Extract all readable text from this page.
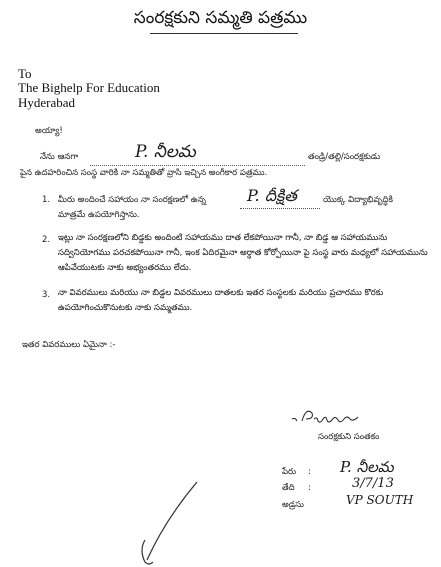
సంరక్షకుని సమ్మతి పత్రము
To
The Bighelp For Education
Hyderabad
అయ్యా!
నేను ఆనగా	P. నీలమ	తండ్రి/తల్లి/సంరక్షకుడు
పైన ఉదహరించిన సంస్థ వారికి నా సమ్మతితో వ్రాసి ఇచ్చిన అంగీకార పత్రము.
1. మీరు అందించే సహాయం నా సంరక్షణలో ఉన్న	P. దీక్షిత	యొక్క విద్యాభివృద్ధికి
మాత్రమే ఉపయోగిస్తాను.
2. ఇట్లు నా సంరక్షణలోని బిడ్డకు అందింటి సహాయము దాత లేకపోయినా గానీ, నా బిడ్డ ఆ సహాయమును సద్వినియోగము పరచకపోయినా గానీ, ఇంక ఏదిరమైనా అర్ధాత కోర్పోయినా పై సంస్థ వారు మధ్యలో సహాయమును ఆపివేయుటకు నాకు అభ్యంతరము లేదు.
3. నా వివరములు మరియు నా బిడ్డల వివరములు దాతలకు ఇతర సంస్థలకు మరియు ప్రచారము కొరకు ఉపయోగించుకొనుటకు నాకు సమ్మతము.
ఇతర వివరములు ఏమైనా :-
సంరక్షకుని సంతకం
పేరు : P. నీలమ
తేది :	3/7/13
అడ్రసు	VP SOUTH
